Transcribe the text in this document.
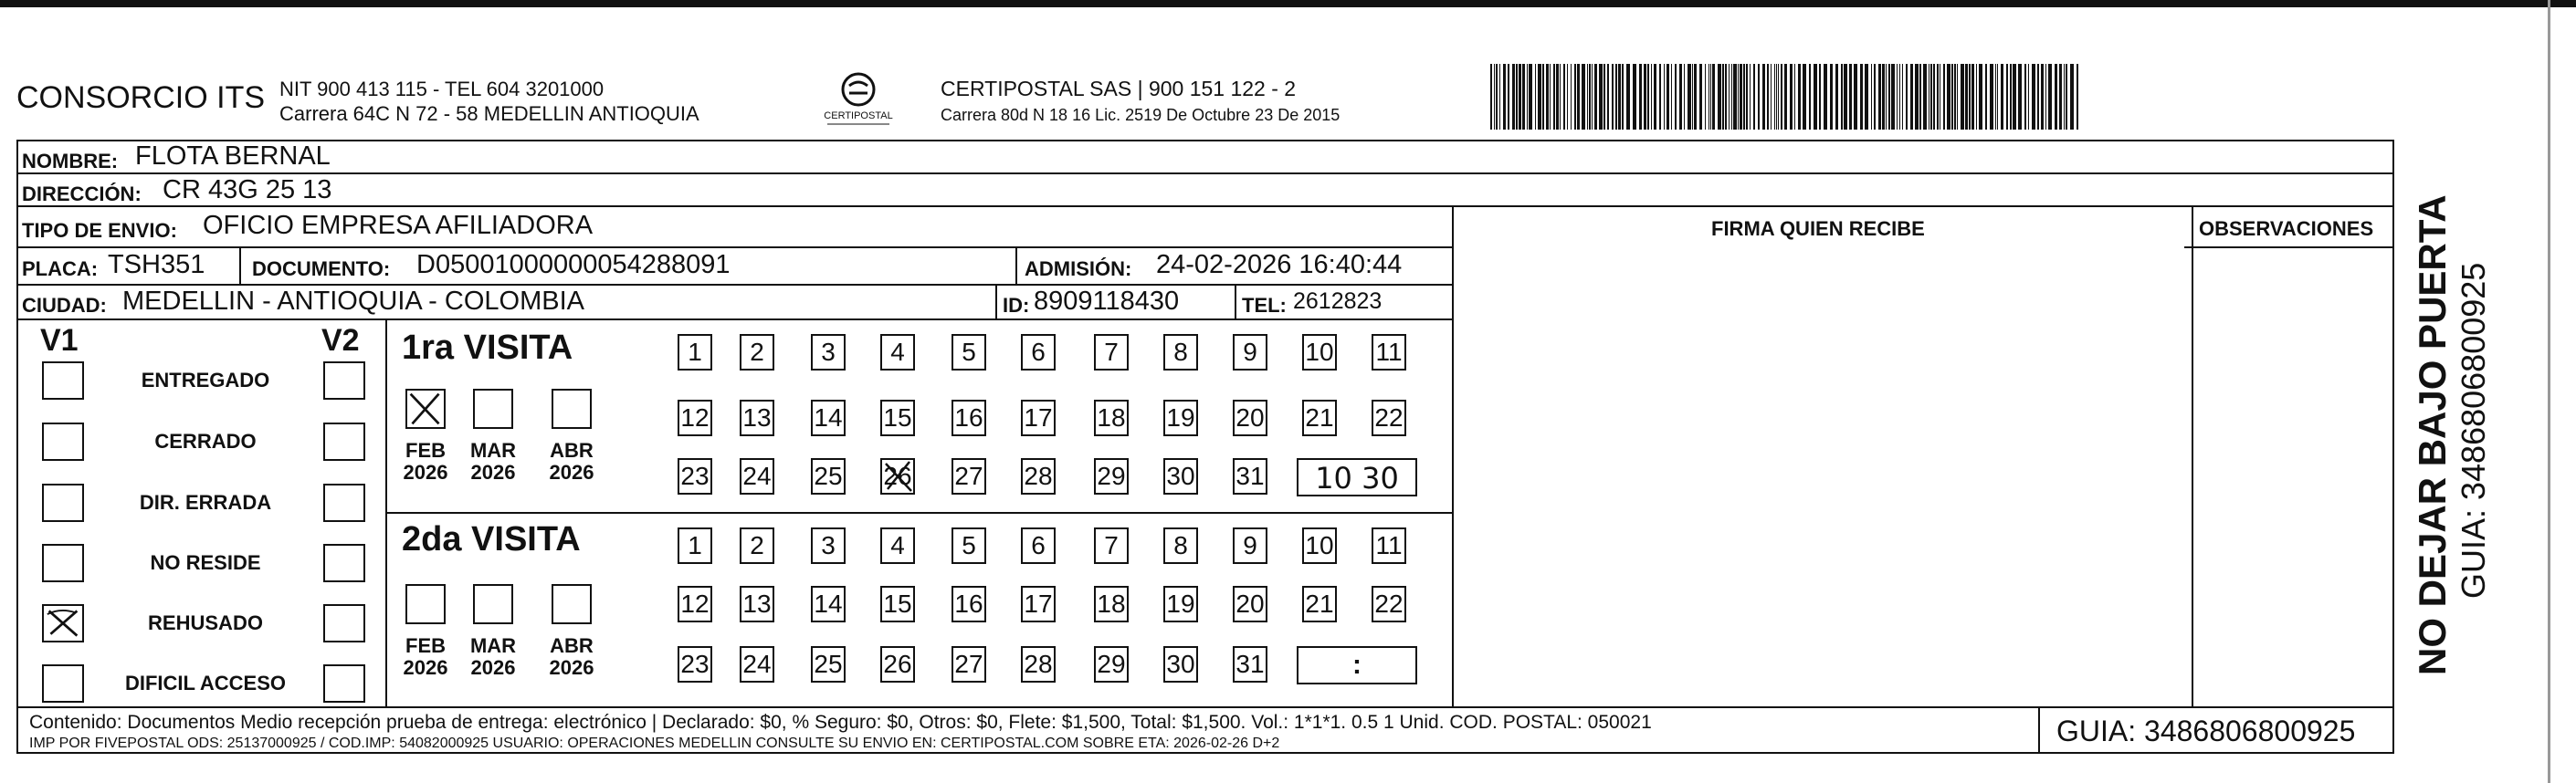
CONSORCIO ITS NIT 900 413 115 - TEL 604 3201000
Carrera 64C N 72 - 58 MEDELLIN ANTIOQUIA	CERTIPOSTAL
CERTIPOSTAL SAS | 900 151 122 - 2
Carrera 80d N 18 16 Lic. 2519 De Octubre 23 De 2015
NOMBRE: FLOTA BERNAL
DIRECCIÓN: CR 43G 25 13
TIPO DE ENVIO: OFICIO EMPRESA AFILIADORA
PLACA: TSH351 DOCUMENTO: D05001000000054288091	ADMISIÓN: 24-02-2026 16:40:44
CIUDAD: MEDELLIN - ANTIOQUIA - COLOMBIA	ID: 8909118430	TEL: 2612823
FIRMA QUIEN RECIBE	OBSERVACIONES
V1	V2
ENTREGADO
CERRADO
DIR. ERRADA
NO RESIDE
REHUSADO
DIFICIL ACCESO
1ra VISITA
2da VISITA
FEB
2026
MAR
2026
ABR
2026
1	2	3	4	5	6	7	8	9	10 11
12 13 14 15 16 17 18 19 20 21 22
23 24 25 26 27 28 29 30 31	10 30
FEB
2026
MAR
2026
ABR
2026
1	2	3	4	5	6	7	8	9	10 11
12 13 14 15 16 17 18 19 20 21 22
23 24 25 26 27 28 29 30 31	:
Contenido: Documentos Medio recepción prueba de entrega: electrónico | Declarado: $0, % Seguro: $0, Otros: $0, Flete: $1,500, Total: $1,500. Vol.: 1*1*1. 0.5 1 Unid. COD. POSTAL: 050021
IMP POR FIVEPOSTAL ODS: 25137000925 / COD.IMP: 54082000925 USUARIO: OPERACIONES MEDELLIN CONSULTE SU ENVIO EN: CERTIPOSTAL.COM SOBRE ETA: 2026-02-26 D+2	GUIA: 3486806800925
NO DEJAR BAJO PUERTA GUIA: 3486806800925
